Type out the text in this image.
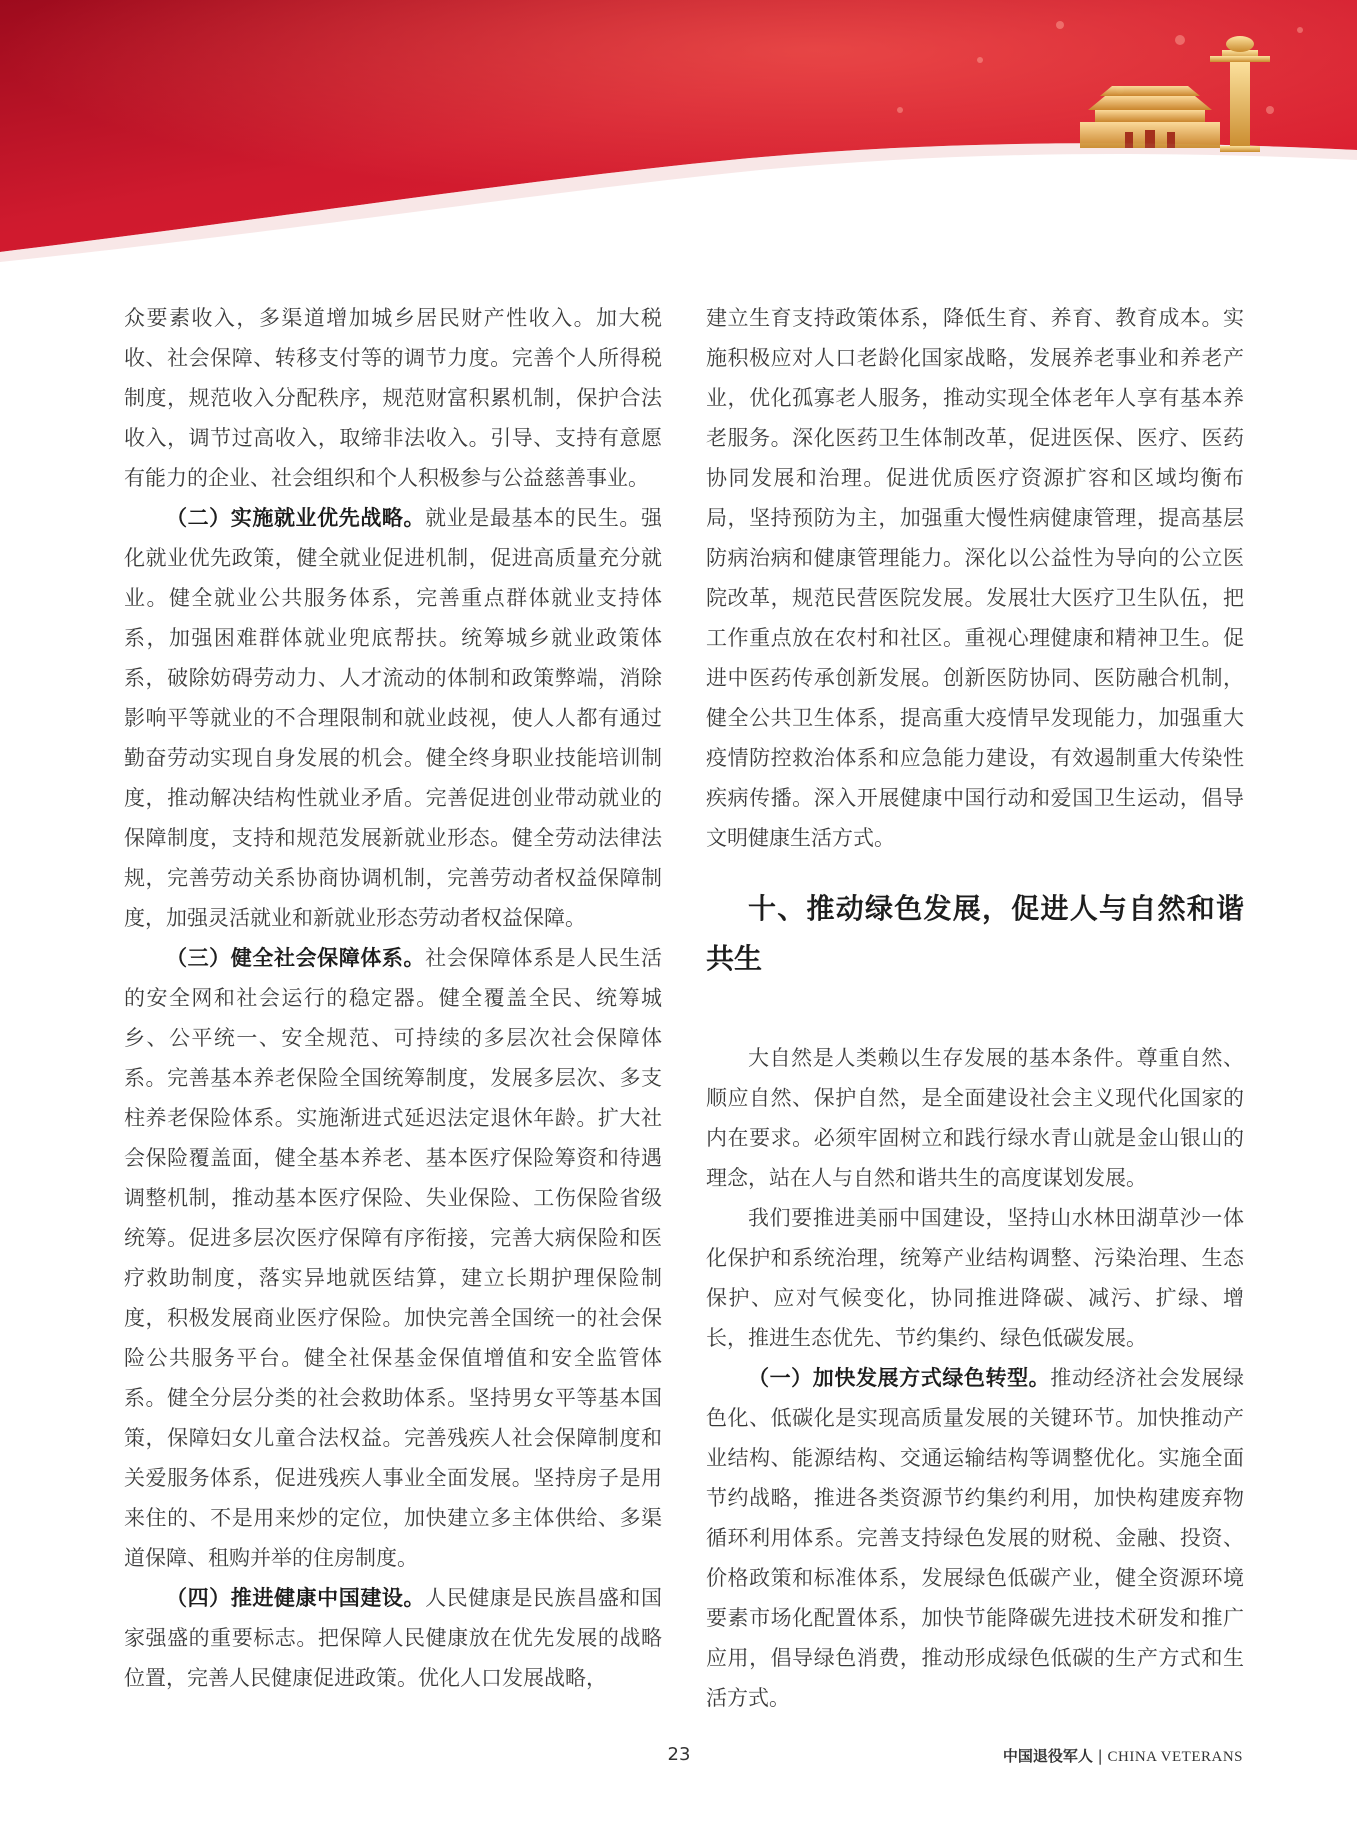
众要素收入，多渠道增加城乡居民财产性收入。加大税收、社会保障、转移支付等的调节力度。完善个人所得税制度，规范收入分配秩序，规范财富积累机制，保护合法收入，调节过高收入，取缔非法收入。引导、支持有意愿有能力的企业、社会组织和个人积极参与公益慈善事业。

（二）实施就业优先战略。就业是最基本的民生。强化就业优先政策，健全就业促进机制，促进高质量充分就业。健全就业公共服务体系，完善重点群体就业支持体系，加强困难群体就业兜底帮扶。统筹城乡就业政策体系，破除妨碍劳动力、人才流动的体制和政策弊端，消除影响平等就业的不合理限制和就业歧视，使人人都有通过勤奋劳动实现自身发展的机会。健全终身职业技能培训制度，推动解决结构性就业矛盾。完善促进创业带动就业的保障制度，支持和规范发展新就业形态。健全劳动法律法规，完善劳动关系协商协调机制，完善劳动者权益保障制度，加强灵活就业和新就业形态劳动者权益保障。

（三）健全社会保障体系。社会保障体系是人民生活的安全网和社会运行的稳定器。健全覆盖全民、统筹城乡、公平统一、安全规范、可持续的多层次社会保障体系。完善基本养老保险全国统筹制度，发展多层次、多支柱养老保险体系。实施渐进式延迟法定退休年龄。扩大社会保险覆盖面，健全基本养老、基本医疗保险筹资和待遇调整机制，推动基本医疗保险、失业保险、工伤保险省级统筹。促进多层次医疗保障有序衔接，完善大病保险和医疗救助制度，落实异地就医结算，建立长期护理保险制度，积极发展商业医疗保险。加快完善全国统一的社会保险公共服务平台。健全社保基金保值增值和安全监管体系。健全分层分类的社会救助体系。坚持男女平等基本国策，保障妇女儿童合法权益。完善残疾人社会保障制度和关爱服务体系，促进残疾人事业全面发展。坚持房子是用来住的、不是用来炒的定位，加快建立多主体供给、多渠道保障、租购并举的住房制度。

（四）推进健康中国建设。人民健康是民族昌盛和国家强盛的重要标志。把保障人民健康放在优先发展的战略位置，完善人民健康促进政策。优化人口发展战略，

建立生育支持政策体系，降低生育、养育、教育成本。实施积极应对人口老龄化国家战略，发展养老事业和养老产业，优化孤寡老人服务，推动实现全体老年人享有基本养老服务。深化医药卫生体制改革，促进医保、医疗、医药协同发展和治理。促进优质医疗资源扩容和区域均衡布局，坚持预防为主，加强重大慢性病健康管理，提高基层防病治病和健康管理能力。深化以公益性为导向的公立医院改革，规范民营医院发展。发展壮大医疗卫生队伍，把工作重点放在农村和社区。重视心理健康和精神卫生。促进中医药传承创新发展。创新医防协同、医防融合机制，健全公共卫生体系，提高重大疫情早发现能力，加强重大疫情防控救治体系和应急能力建设，有效遏制重大传染性疾病传播。深入开展健康中国行动和爱国卫生运动，倡导文明健康生活方式。

十、推动绿色发展，促进人与自然和谐共生

大自然是人类赖以生存发展的基本条件。尊重自然、顺应自然、保护自然，是全面建设社会主义现代化国家的内在要求。必须牢固树立和践行绿水青山就是金山银山的理念，站在人与自然和谐共生的高度谋划发展。

我们要推进美丽中国建设，坚持山水林田湖草沙一体化保护和系统治理，统筹产业结构调整、污染治理、生态保护、应对气候变化，协同推进降碳、减污、扩绿、增长，推进生态优先、节约集约、绿色低碳发展。

（一）加快发展方式绿色转型。推动经济社会发展绿色化、低碳化是实现高质量发展的关键环节。加快推动产业结构、能源结构、交通运输结构等调整优化。实施全面节约战略，推进各类资源节约集约利用，加快构建废弃物循环利用体系。完善支持绿色发展的财税、金融、投资、价格政策和标准体系，发展绿色低碳产业，健全资源环境要素市场化配置体系，加快节能降碳先进技术研发和推广应用，倡导绿色消费，推动形成绿色低碳的生产方式和生活方式。

23	中国退役军人 | CHINA VETERANS
